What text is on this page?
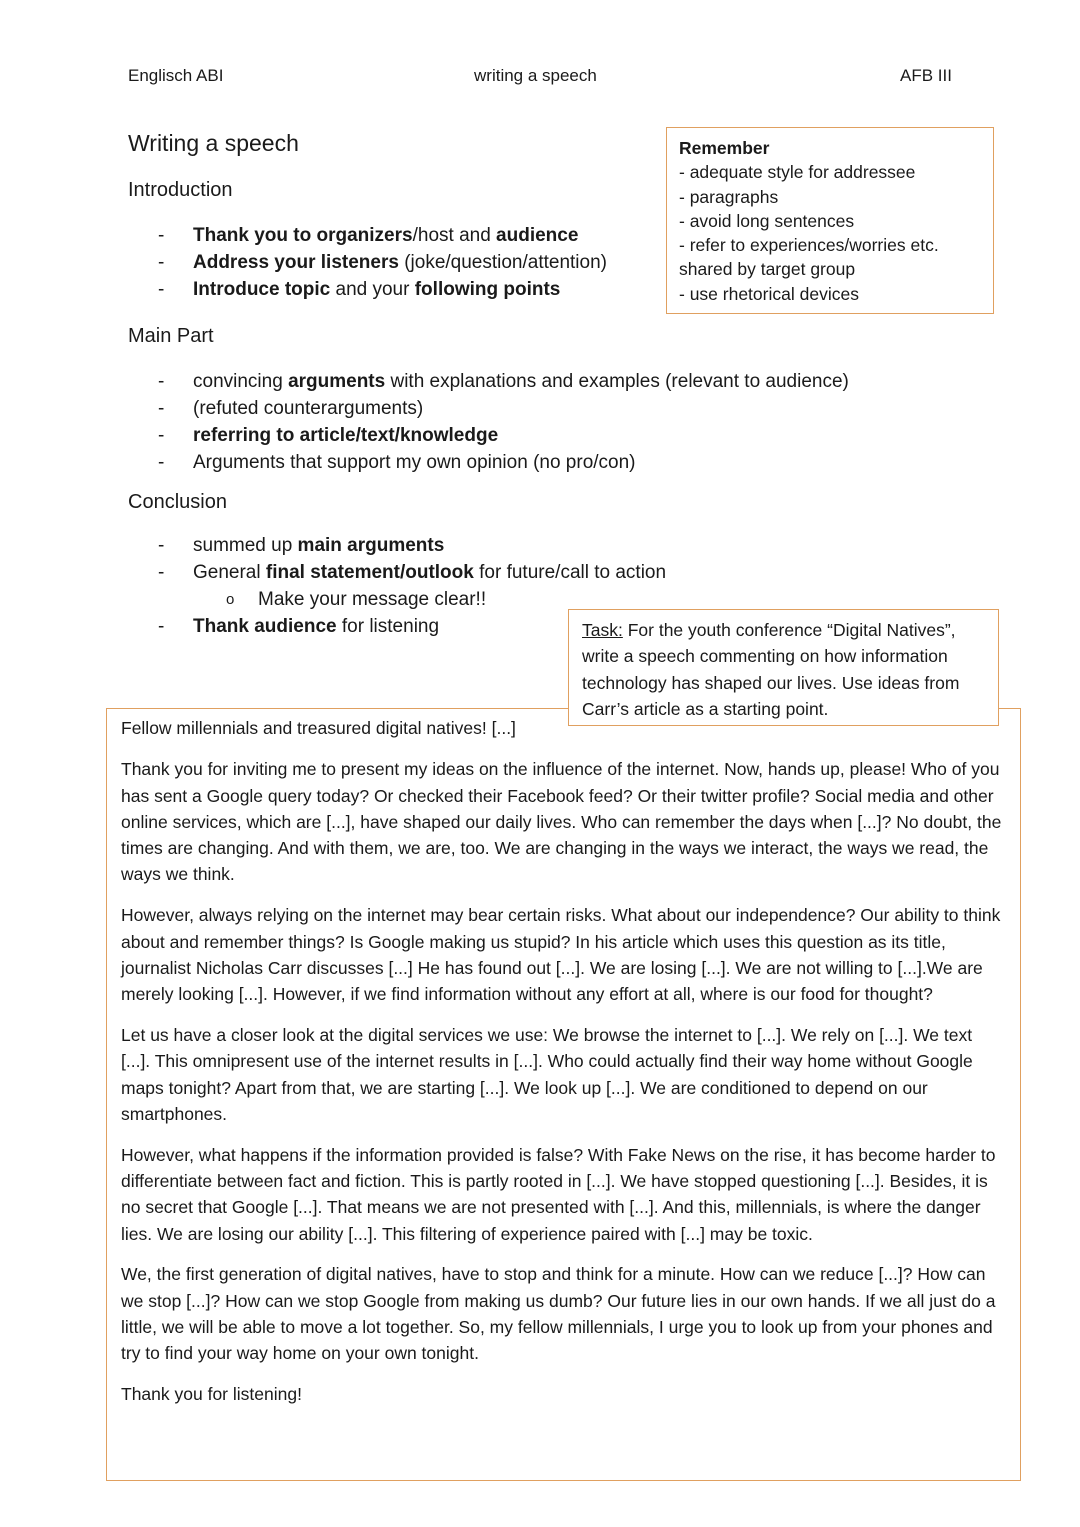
Englisch ABI	writing a speech	AFB III
Writing a speech
Introduction
- Thank you to organizers/host and audience
- Address your listeners (joke/question/attention)
- Introduce topic and your following points
Remember
- adequate style for addressee
- paragraphs
- avoid long sentences
- refer to experiences/worries etc.
shared by target group
- use rhetorical devices
Main Part
- convincing arguments with explanations and examples (relevant to audience)
- (refuted counterarguments)
- referring to article/text/knowledge
- Arguments that support my own opinion (no pro/con)
Conclusion
- summed up main arguments
- General final statement/outlook for future/call to action
o Make your message clear!!
- Thank audience for listening	Task: For the youth conference “Digital Natives”, write a speech commenting on how information technology has shaped our lives. Use ideas from Carr’s article as a starting point.

Fellow millennials and treasured digital natives! [...]

Thank you for inviting me to present my ideas on the influence of the internet. Now, hands up, please! Who of you has sent a Google query today? Or checked their Facebook feed? Or their twitter profile? Social media and other online services, which are [...], have shaped our daily lives. Who can remember the days when [...]? No doubt, the times are changing. And with them, we are, too. We are changing in the ways we interact, the ways we read, the ways we think.

However, always relying on the internet may bear certain risks. What about our independence? Our ability to think about and remember things? Is Google making us stupid? In his article which uses this question as its title, journalist Nicholas Carr discusses [...] He has found out [...]. We are losing [...]. We are not willing to [...].We are merely looking [...]. However, if we find information without any effort at all, where is our food for thought?

Let us have a closer look at the digital services we use: We browse the internet to [...]. We rely on [...]. We text [...]. This omnipresent use of the internet results in [...]. Who could actually find their way home without Google maps tonight? Apart from that, we are starting [...]. We look up [...]. We are conditioned to depend on our smartphones.

However, what happens if the information provided is false? With Fake News on the rise, it has become harder to differentiate between fact and fiction. This is partly rooted in [...]. We have stopped questioning [...]. Besides, it is no secret that Google [...]. That means we are not presented with [...]. And this, millennials, is where the danger lies. We are losing our ability [...]. This filtering of experience paired with [...] may be toxic.

We, the first generation of digital natives, have to stop and think for a minute. How can we reduce [...]? How can we stop [...]? How can we stop Google from making us dumb? Our future lies in our own hands. If we all just do a little, we will be able to move a lot together. So, my fellow millennials, I urge you to look up from your phones and try to find your way home on your own tonight.

Thank you for listening!
